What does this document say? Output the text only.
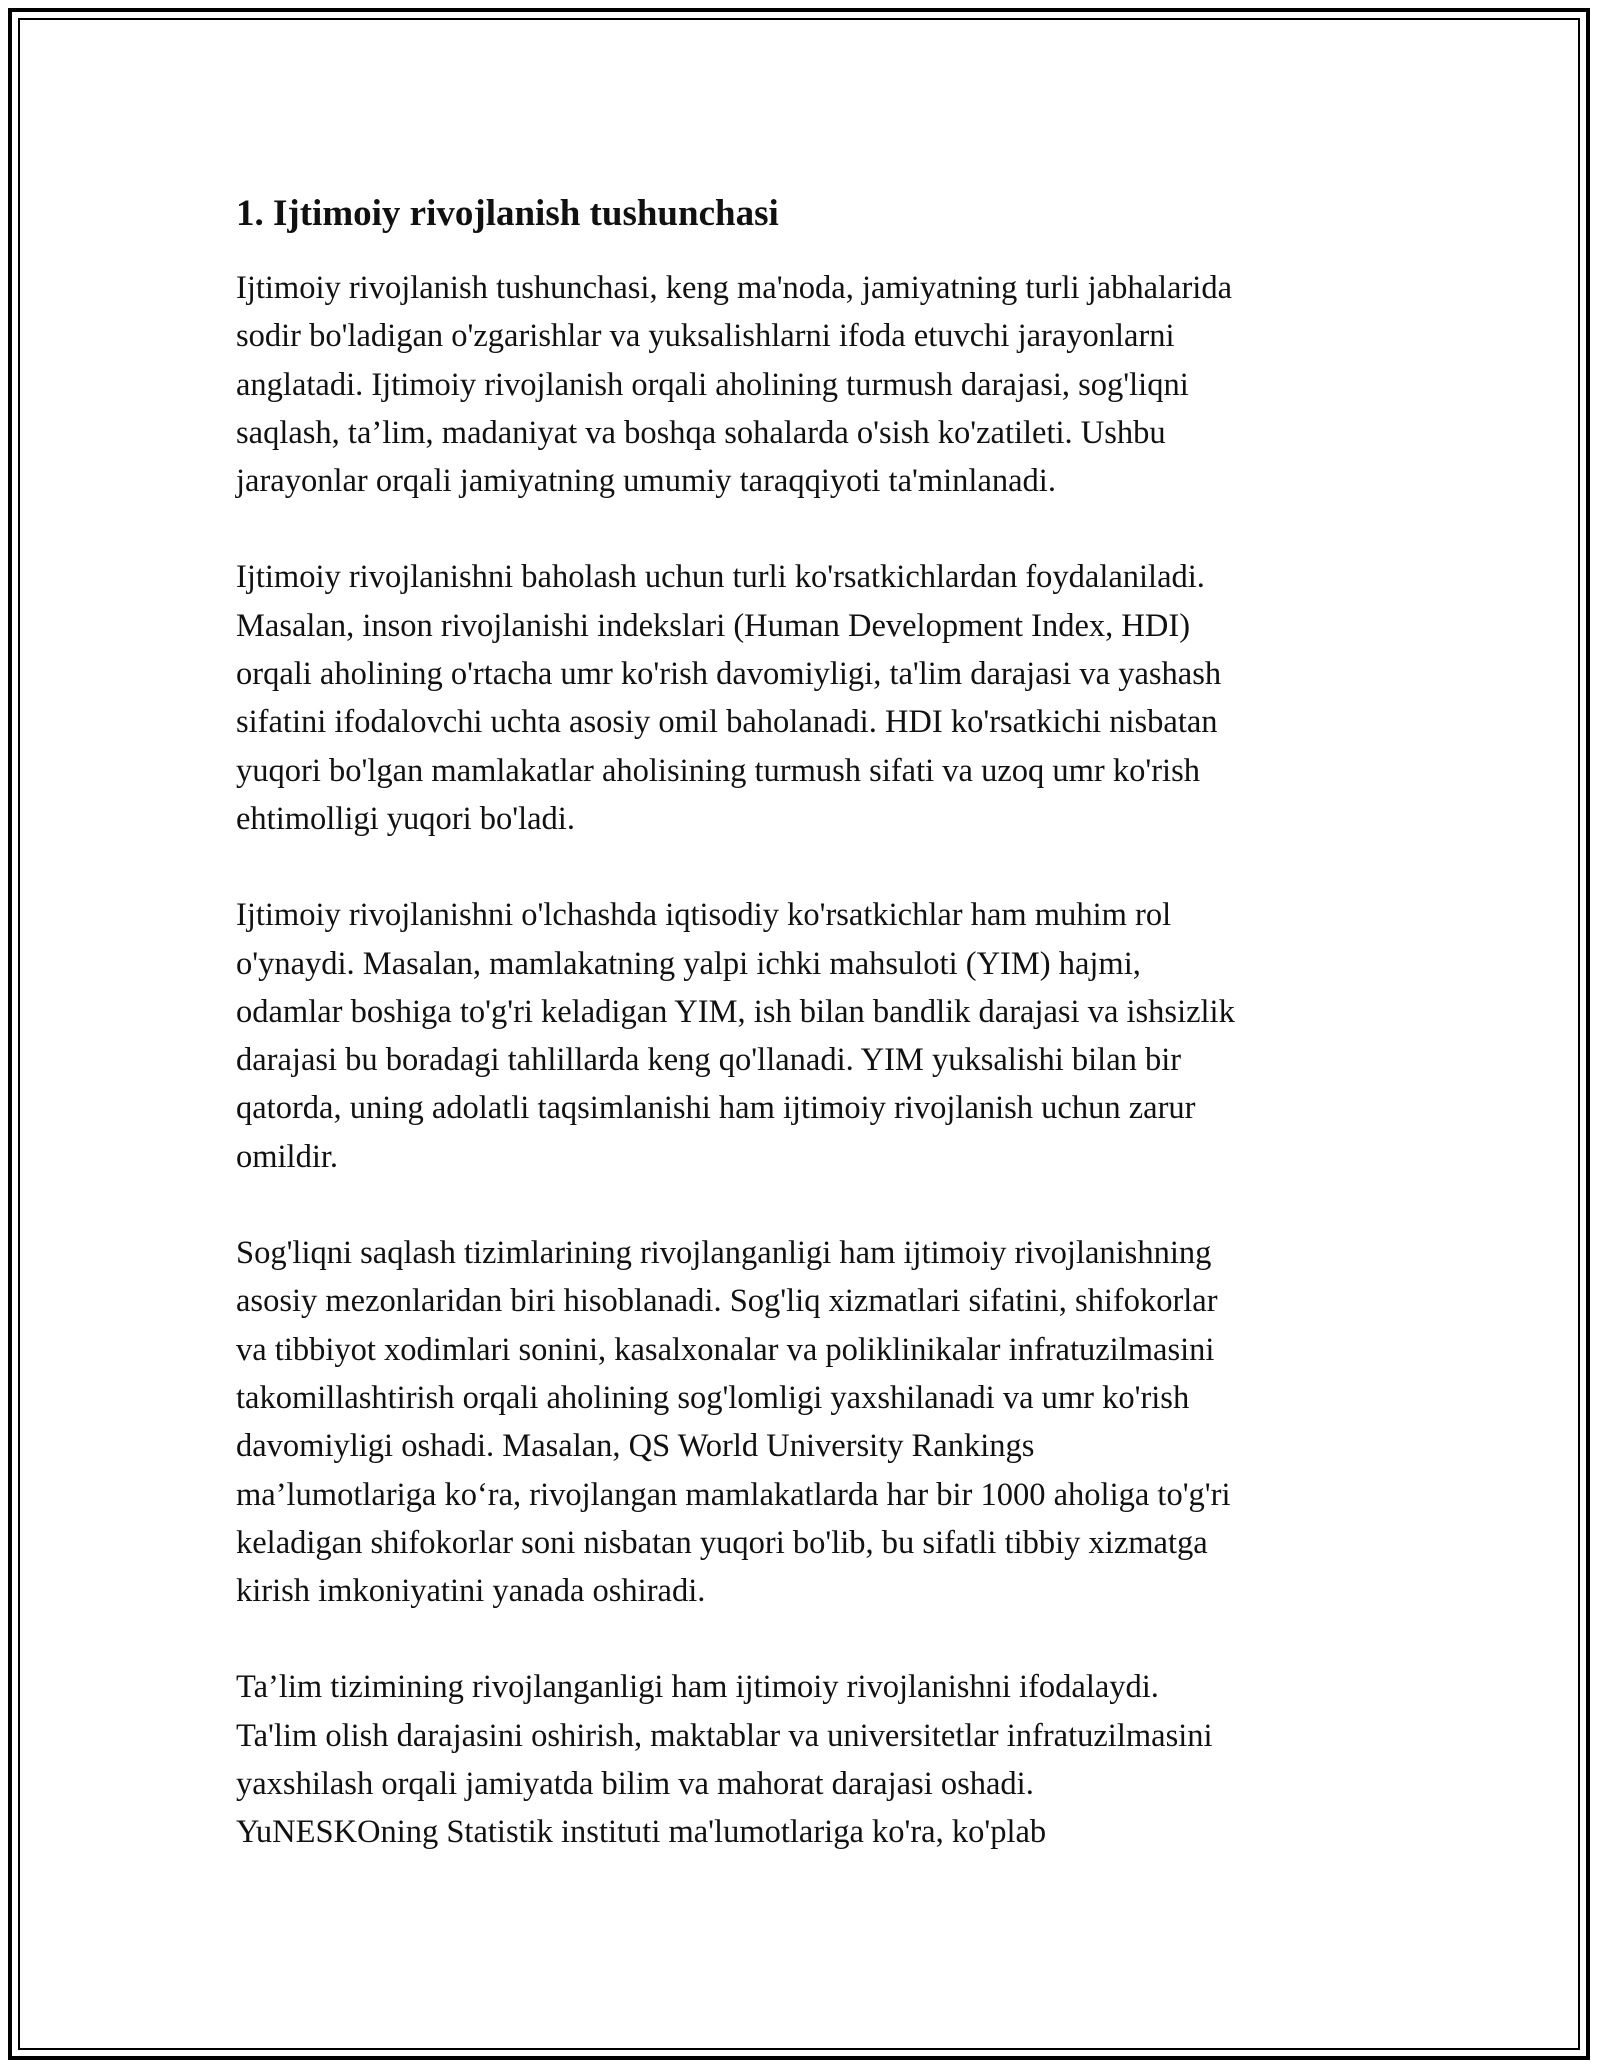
1. Ijtimoiy rivojlanish tushunchasi

Ijtimoiy rivojlanish tushunchasi, keng ma'noda, jamiyatning turli jabhalarida
sodir bo'ladigan o'zgarishlar va yuksalishlarni ifoda etuvchi jarayonlarni
anglatadi. Ijtimoiy rivojlanish orqali aholining turmush darajasi, sog'liqni
saqlash, ta’lim, madaniyat va boshqa sohalarda o'sish ko'zatileti. Ushbu
jarayonlar orqali jamiyatning umumiy taraqqiyoti ta'minlanadi.

Ijtimoiy rivojlanishni baholash uchun turli ko'rsatkichlardan foydalaniladi.
Masalan, inson rivojlanishi indekslari (Human Development Index, HDI)
orqali aholining o'rtacha umr ko'rish davomiyligi, ta'lim darajasi va yashash
sifatini ifodalovchi uchta asosiy omil baholanadi. HDI ko'rsatkichi nisbatan
yuqori bo'lgan mamlakatlar aholisining turmush sifati va uzoq umr ko'rish
ehtimolligi yuqori bo'ladi.

Ijtimoiy rivojlanishni o'lchashda iqtisodiy ko'rsatkichlar ham muhim rol
o'ynaydi. Masalan, mamlakatning yalpi ichki mahsuloti (YIM) hajmi,
odamlar boshiga to'g'ri keladigan YIM, ish bilan bandlik darajasi va ishsizlik
darajasi bu boradagi tahlillarda keng qo'llanadi. YIM yuksalishi bilan bir
qatorda, uning adolatli taqsimlanishi ham ijtimoiy rivojlanish uchun zarur
omildir.

Sog'liqni saqlash tizimlarining rivojlanganligi ham ijtimoiy rivojlanishning
asosiy mezonlaridan biri hisoblanadi. Sog'liq xizmatlari sifatini, shifokorlar
va tibbiyot xodimlari sonini, kasalxonalar va poliklinikalar infratuzilmasini
takomillashtirish orqali aholining sog'lomligi yaxshilanadi va umr ko'rish
davomiyligi oshadi. Masalan, QS World University Rankings
ma’lumotlariga ko‘ra, rivojlangan mamlakatlarda har bir 1000 aholiga to'g'ri
keladigan shifokorlar soni nisbatan yuqori bo'lib, bu sifatli tibbiy xizmatga
kirish imkoniyatini yanada oshiradi.

Ta’lim tizimining rivojlanganligi ham ijtimoiy rivojlanishni ifodalaydi.
Ta'lim olish darajasini oshirish, maktablar va universitetlar infratuzilmasini
yaxshilash orqali jamiyatda bilim va mahorat darajasi oshadi.
YuNESKOning Statistik instituti ma'lumotlariga ko'ra, ko'plab
